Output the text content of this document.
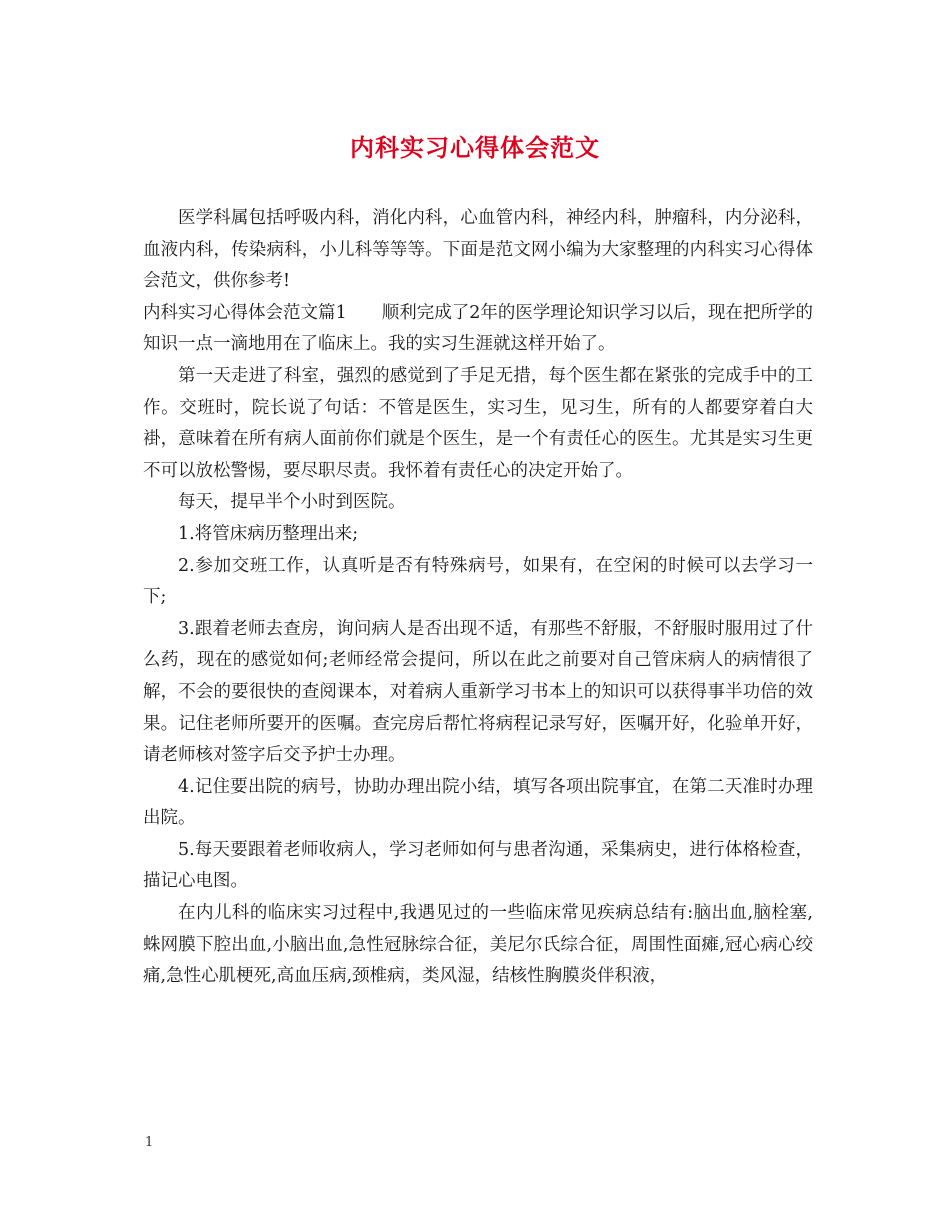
内科实习心得体会范文

医学科属包括呼吸内科，消化内科，心血管内科，神经内科，肿瘤科，内分泌科，血液内科，传染病科，小儿科等等等。下面是范文网小编为大家整理的内科实习心得体会范文，供你参考!

内科实习心得体会范文篇1　　顺利完成了2年的医学理论知识学习以后，现在把所学的知识一点一滴地用在了临床上。我的实习生涯就这样开始了。

第一天走进了科室，强烈的感觉到了手足无措，每个医生都在紧张的完成手中的工作。交班时，院长说了句话：不管是医生，实习生，见习生，所有的人都要穿着白大褂，意味着在所有病人面前你们就是个医生，是一个有责任心的医生。尤其是实习生更不可以放松警惕，要尽职尽责。我怀着有责任心的决定开始了。

每天，提早半个小时到医院。

1.将管床病历整理出来;

2.参加交班工作，认真听是否有特殊病号，如果有，在空闲的时候可以去学习一下;

3.跟着老师去查房，询问病人是否出现不适，有那些不舒服，不舒服时服用过了什么药，现在的感觉如何;老师经常会提问，所以在此之前要对自己管床病人的病情很了解，不会的要很快的查阅课本，对着病人重新学习书本上的知识可以获得事半功倍的效果。记住老师所要开的医嘱。查完房后帮忙将病程记录写好，医嘱开好，化验单开好，请老师核对签字后交予护士办理。

4.记住要出院的病号，协助办理出院小结，填写各项出院事宜，在第二天准时办理出院。

5.每天要跟着老师收病人，学习老师如何与患者沟通，采集病史，进行体格检查，描记心电图。

在内儿科的临床实习过程中,我遇见过的一些临床常见疾病总结有:脑出血,脑栓塞,蛛网膜下腔出血,小脑出血,急性冠脉综合征，美尼尔氏综合征，周围性面瘫,冠心病心绞痛,急性心肌梗死,高血压病,颈椎病，类风湿，结核性胸膜炎伴积液，

1
